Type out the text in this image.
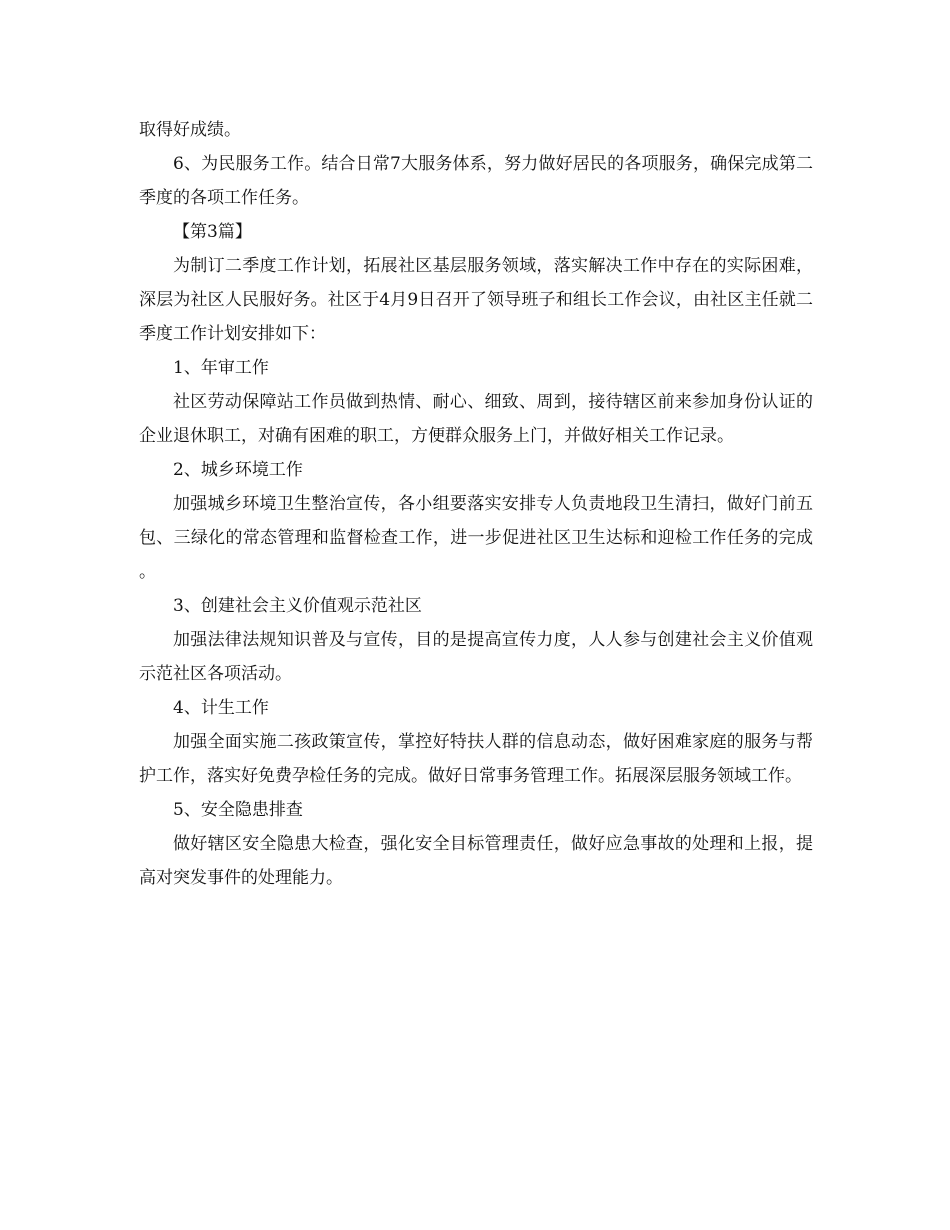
取得好成绩。

6、为民服务工作。结合日常7大服务体系，努力做好居民的各项服务，确保完成第二季度的各项工作任务。

【第3篇】

为制订二季度工作计划，拓展社区基层服务领域，落实解决工作中存在的实际困难，深层为社区人民服好务。社区于4月9日召开了领导班子和组长工作会议，由社区主任就二季度工作计划安排如下：

1、年审工作

社区劳动保障站工作员做到热情、耐心、细致、周到，接待辖区前来参加身份认证的企业退休职工，对确有困难的职工，方便群众服务上门，并做好相关工作记录。

2、城乡环境工作

加强城乡环境卫生整治宣传，各小组要落实安排专人负责地段卫生清扫，做好门前五包、三绿化的常态管理和监督检查工作，进一步促进社区卫生达标和迎检工作任务的完成。

3、创建社会主义价值观示范社区

加强法律法规知识普及与宣传，目的是提高宣传力度，人人参与创建社会主义价值观示范社区各项活动。

4、计生工作

加强全面实施二孩政策宣传，掌控好特扶人群的信息动态，做好困难家庭的服务与帮护工作，落实好免费孕检任务的完成。做好日常事务管理工作。拓展深层服务领域工作。

5、安全隐患排查

做好辖区安全隐患大检查，强化安全目标管理责任，做好应急事故的处理和上报，提高对突发事件的处理能力。
